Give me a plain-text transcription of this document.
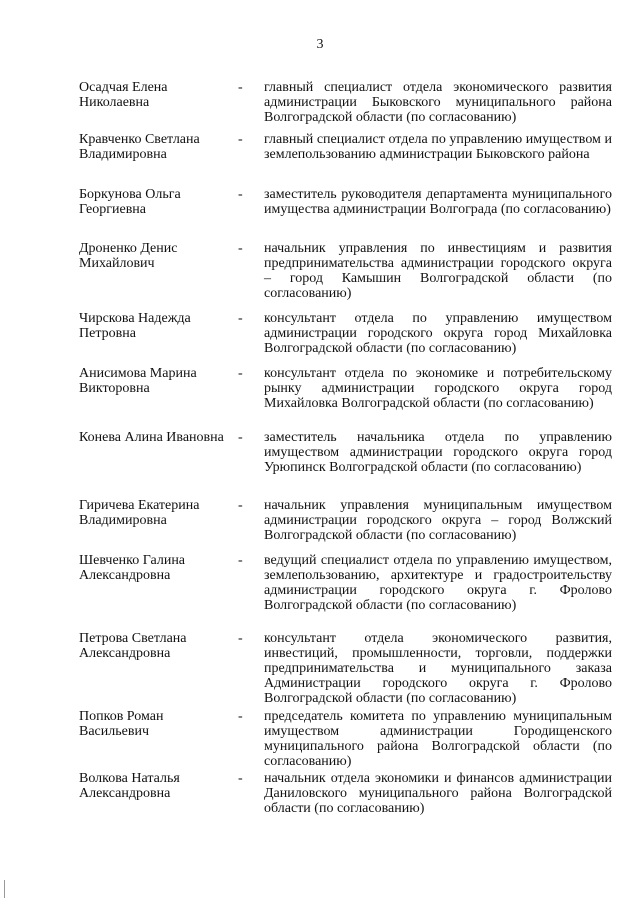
3
Осадчая Елена Николаевна
- главный специалист отдела экономического развития администрации Быковского муниципального района Волгоградской области (по согласованию)
Кравченко Светлана Владимировна
- главный специалист отдела по управлению имуществом и землепользованию администрации Быковского района
Боркунова Ольга Георгиевна
- заместитель руководителя департамента муниципального имущества администрации Волгограда (по согласованию)
Дроненко Денис Михайлович
- начальник управления по инвестициям и развития предпринимательства администрации городского округа – город Камышин Волгоградской области (по согласованию)
Чирскова Надежда Петровна
- консультант отдела по управлению имуществом администрации городского округа город Михайловка Волгоградской области (по согласованию)
Анисимова Марина Викторовна
- консультант отдела по экономике и потребительскому рынку администрации городского округа город Михайловка Волгоградской области (по согласованию)
Конева Алина Ивановна	- заместитель начальника отдела по управлению имуществом администрации городского округа город Урюпинск Волгоградской области (по согласованию)
Гиричева Екатерина Владимировна
- начальник управления муниципальным имуществом администрации городского округа – город Волжский Волгоградской области (по согласованию)
Шевченко Галина Александровна
- ведущий специалист отдела по управлению имуществом, землепользованию, архитектуре и градостроительству администрации городского округа г. Фролово Волгоградской области (по согласованию)
Петрова Светлана Александровна
- консультант отдела экономического развития, инвестиций, промышленности, торговли, поддержки предпринимательства и муниципального заказа Администрации городского округа г. Фролово Волгоградской области (по согласованию)
Попков Роман Васильевич
- председатель комитета по управлению муниципальным имуществом администрации Городищенского муниципального района Волгоградской области (по согласованию)
Волкова Наталья Александровна
- начальник отдела экономики и финансов администрации Даниловского муниципального района Волгоградской области (по согласованию)
